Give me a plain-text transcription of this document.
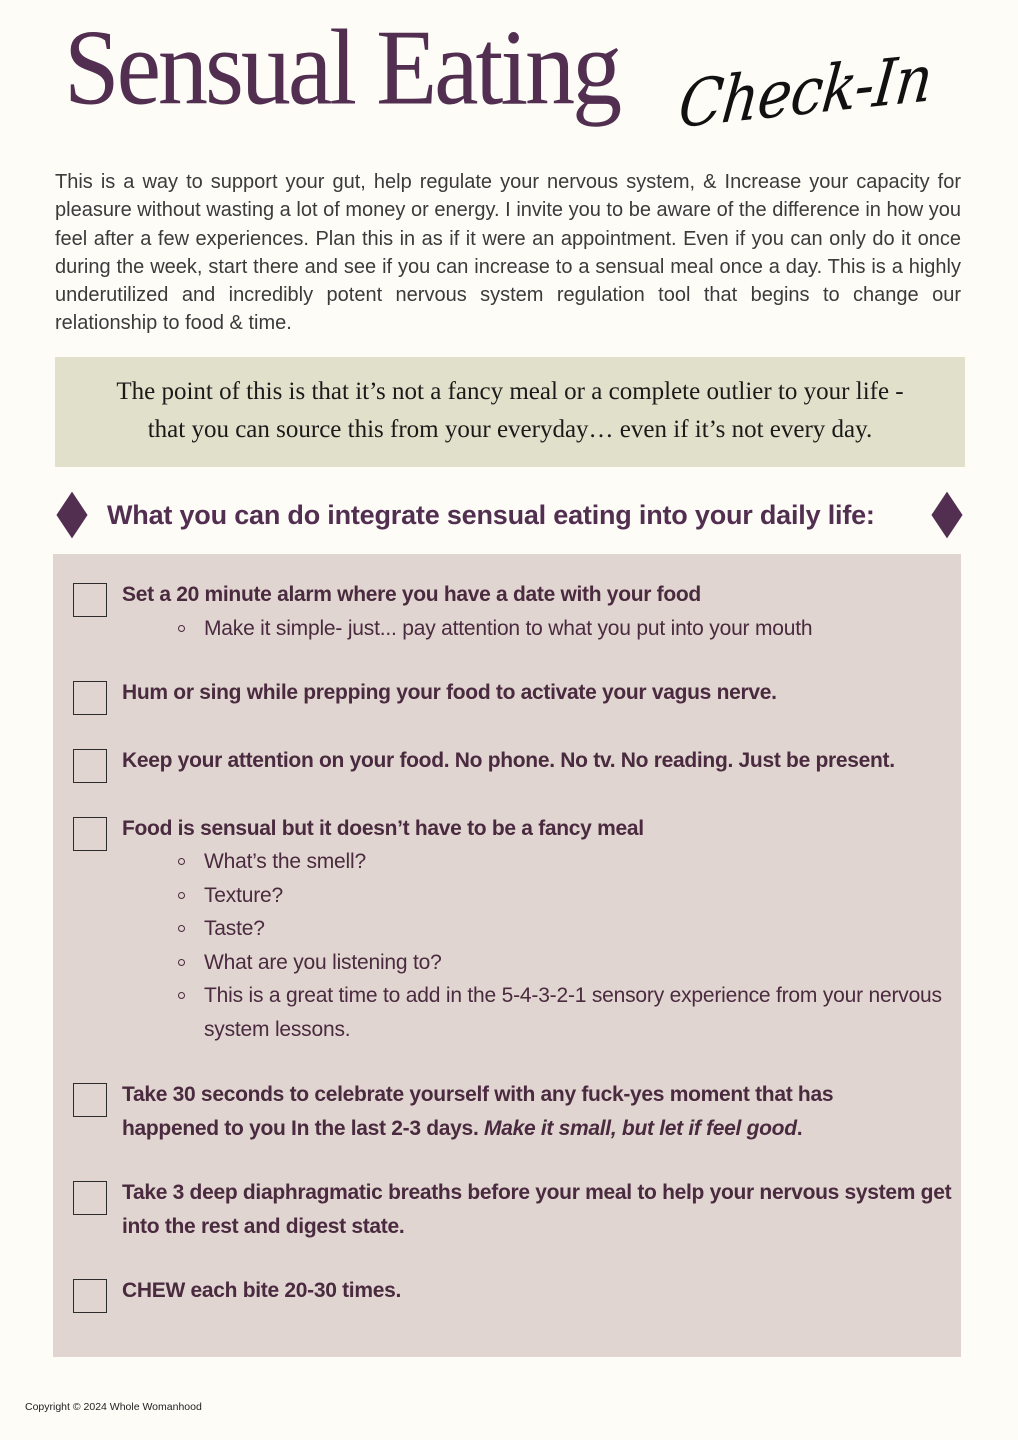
Sensual Eating Check-In

This is a way to support your gut, help regulate your nervous system, & Increase your capacity for pleasure without wasting a lot of money or energy. I invite you to be aware of the difference in how you feel after a few experiences. Plan this in as if it were an appointment. Even if you can only do it once during the week, start there and see if you can increase to a sensual meal once a day. This is a highly underutilized and incredibly potent nervous system regulation tool that begins to change our relationship to food & time.

The point of this is that it’s not a fancy meal or a complete outlier to your life -
that you can source this from your everyday… even if it’s not every day.
What you can do integrate sensual eating into your daily life:
Set a 20 minute alarm where you have a date with your food
Make it simple- just... pay attention to what you put into your mouth
Hum or sing while prepping your food to activate your vagus nerve.
Keep your attention on your food. No phone. No tv. No reading. Just be present.
Food is sensual but it doesn’t have to be a fancy meal
What’s the smell?
Texture?
Taste?
What are you listening to?
This is a great time to add in the 5-4-3-2-1 sensory experience from your nervous system lessons.
Take 30 seconds to celebrate yourself with any fuck-yes moment that has happened to you In the last 2-3 days. Make it small, but let if feel good.
Take 3 deep diaphragmatic breaths before your meal to help your nervous system get into the rest and digest state.
CHEW each bite 20-30 times.
Copyright © 2024 Whole Womanhood
